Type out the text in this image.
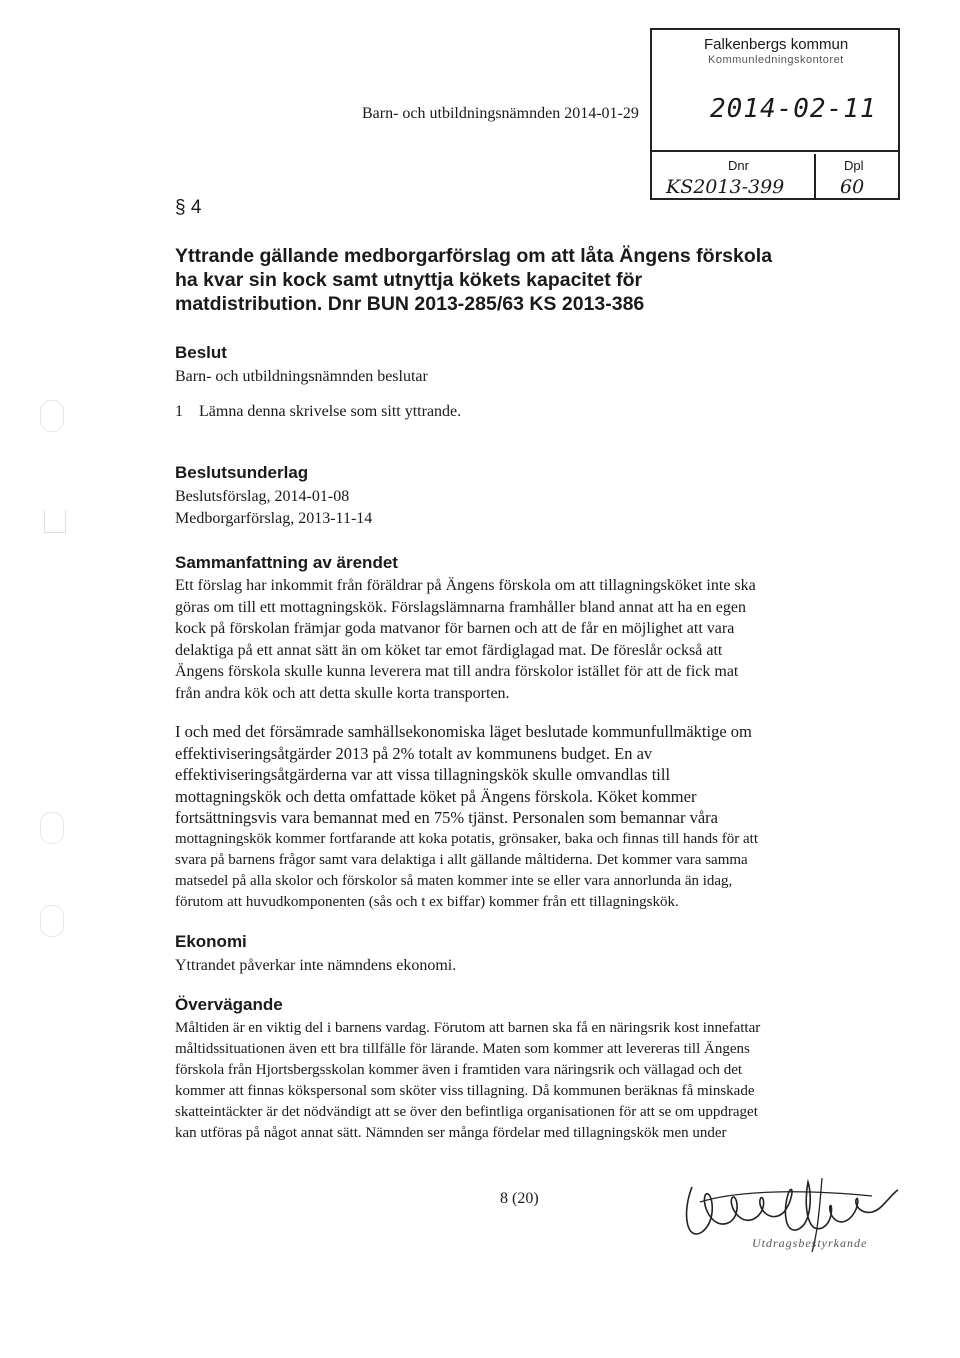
Barn- och utbildningsnämnden 2014-01-29
Falkenbergs kommun
Kommunledningskontoret
2014-02-11
Dnr	Dpl
KS2013-399	60
§ 4
Yttrande gällande medborgarförslag om att låta Ängens förskola
ha kvar sin kock samt utnyttja kökets kapacitet för
matdistribution. Dnr BUN 2013-285/63 KS 2013-386
Beslut
Barn- och utbildningsnämnden beslutar
1 Lämna denna skrivelse som sitt yttrande.
Beslutsunderlag
Beslutsförslag, 2014-01-08
Medborgarförslag, 2013-11-14
Sammanfattning av ärendet
Ett förslag har inkommit från föräldrar på Ängens förskola om att tillagningsköket inte ska
göras om till ett mottagningskök. Förslagslämnarna framhåller bland annat att ha en egen
kock på förskolan främjar goda matvanor för barnen och att de får en möjlighet att vara
delaktiga på ett annat sätt än om köket tar emot färdiglagad mat. De föreslår också att
Ängens förskola skulle kunna leverera mat till andra förskolor istället för att de fick mat
från andra kök och att detta skulle korta transporten.
I och med det försämrade samhällsekonomiska läget beslutade kommunfullmäktige om
effektiviseringsåtgärder 2013 på 2% totalt av kommunens budget. En av
effektiviseringsåtgärderna var att vissa tillagningskök skulle omvandlas till
mottagningskök och detta omfattade köket på Ängens förskola. Köket kommer
fortsättningsvis vara bemannat med en 75% tjänst. Personalen som bemannar våra
mottagningskök kommer fortfarande att koka potatis, grönsaker, baka och finnas till hands för att
svara på barnens frågor samt vara delaktiga i allt gällande måltiderna. Det kommer vara samma
matsedel på alla skolor och förskolor så maten kommer inte se eller vara annorlunda än idag,
förutom att huvudkomponenten (sås och t ex biffar) kommer från ett tillagningskök.
Ekonomi
Yttrandet påverkar inte nämndens ekonomi.
Övervägande
Måltiden är en viktig del i barnens vardag. Förutom att barnen ska få en näringsrik kost innefattar
måltidssituationen även ett bra tillfälle för lärande. Maten som kommer att levereras till Ängens
förskola från Hjortsbergsskolan kommer även i framtiden vara näringsrik och vällagad och det
kommer att finnas kökspersonal som sköter viss tillagning. Då kommunen beräknas få minskade
skatteintäckter är det nödvändigt att se över den befintliga organisationen för att se om uppdraget
kan utföras på något annat sätt. Nämnden ser många fördelar med tillagningskök men under
8 (20)
Utdragsbestyrkande
